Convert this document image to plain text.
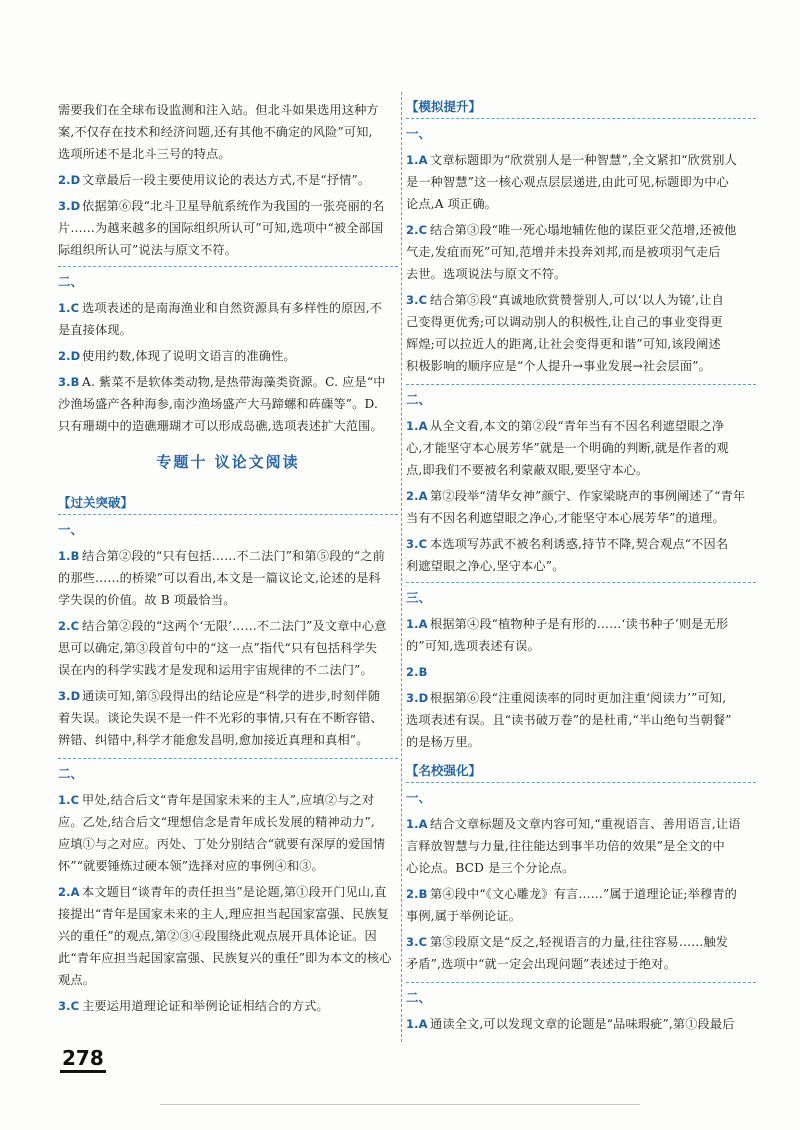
需要我们在全球布设监测和注入站。但北斗如果选用这种方
案,不仅存在技术和经济问题,还有其他不确定的风险”可知,
选项所述不是北斗三号的特点。
2.D 文章最后一段主要使用议论的表达方式,不是“抒情”。
3.D 依据第⑥段“北斗卫星导航系统作为我国的一张亮丽的名
片……为越来越多的国际组织所认可”可知,选项中“被全部国
际组织所认可”说法与原文不符。
二、
1.C 选项表述的是南海渔业和自然资源具有多样性的原因,不
是直接体现。
2.D 使用约数,体现了说明文语言的准确性。
3.B A. 紫菜不是软体类动物,是热带海藻类资源。C. 应是“中
沙渔场盛产各种海参,南沙渔场盛产大马蹄螺和砗磲等”。D.
只有珊瑚中的造礁珊瑚才可以形成岛礁,选项表述扩大范围。
专题十 议论文阅读
【过关突破】
一、
1.B 结合第②段的“只有包括……不二法门”和第⑤段的“之前
的那些……的桥梁”可以看出,本文是一篇议论文,论述的是科
学失误的价值。故 B 项最恰当。
2.C 结合第②段的“这两个‘无限’……不二法门”及文章中心意
思可以确定,第③段首句中的“这一点”指代“只有包括科学失
误在内的科学实践才是发现和运用宇宙规律的不二法门”。
3.D 通读可知,第⑤段得出的结论应是“科学的进步,时刻伴随
着失误。谈论失误不是一件不光彩的事情,只有在不断容错、
辨错、纠错中,科学才能愈发昌明,愈加接近真理和真相”。
二、
1.C 甲处,结合后文“青年是国家未来的主人”,应填②与之对
应。乙处,结合后文“理想信念是青年成长发展的精神动力”,
应填①与之对应。丙处、丁处分别结合“就要有深厚的爱国情
怀”“就要锤炼过硬本领”选择对应的事例④和③。
2.A 本文题目“谈青年的责任担当”是论题,第①段开门见山,直
接提出“青年是国家未来的主人,理应担当起国家富强、民族复
兴的重任”的观点,第②③④段围绕此观点展开具体论证。因
此“青年应担当起国家富强、民族复兴的重任”即为本文的核心
观点。
3.C 主要运用道理论证和举例论证相结合的方式。
【模拟提升】
一、
1.A 文章标题即为“欣赏别人是一种智慧”,全文紧扣“欣赏别人
是一种智慧”这一核心观点层层递进,由此可见,标题即为中心
论点,A 项正确。
2.C 结合第③段“唯一死心塌地辅佐他的谋臣亚父范增,还被他
气走,发疽而死”可知,范增并未投奔刘邦,而是被项羽气走后
去世。选项说法与原文不符。
3.C 结合第⑤段“真诚地欣赏赞誉别人,可以‘以人为镜’,让自
己变得更优秀;可以调动别人的积极性,让自己的事业变得更
辉煌;可以拉近人的距离,让社会变得更和谐”可知,该段阐述
积极影响的顺序应是“个人提升→事业发展→社会层面”。
二、
1.A 从全文看,本文的第②段“青年当有不因名利遮望眼之净
心,才能坚守本心展芳华”就是一个明确的判断,就是作者的观
点,即我们不要被名利蒙蔽双眼,要坚守本心。
2.A 第②段举“清华女神”颜宁、作家梁晓声的事例阐述了“青年
当有不因名利遮望眼之净心,才能坚守本心展芳华”的道理。
3.C 本选项写苏武不被名利诱惑,持节不降,契合观点“不因名
利遮望眼之净心,坚守本心”。
三、
1.A 根据第④段“植物种子是有形的……‘读书种子’则是无形
的”可知,选项表述有误。
2.B
3.D 根据第⑥段“注重阅读率的同时更加注重‘阅读力’”可知,
选项表述有误。且“读书破万卷”的是杜甫,“半山绝句当朝餐”
的是杨万里。
【名校强化】
一、
1.A 结合文章标题及文章内容可知,“重视语言、善用语言,让语
言释放智慧与力量,往往能达到事半功倍的效果”是全文的中
心论点。BCD 是三个分论点。
2.B 第④段中“《文心雕龙》有言……”属于道理论证;举穆青的
事例,属于举例论证。
3.C 第⑤段原文是“反之,轻视语言的力量,往往容易……触发
矛盾”,选项中“就一定会出现问题”表述过于绝对。
二、
1.A 通读全文,可以发现文章的论题是“品味瑕疵”,第①段最后
278
